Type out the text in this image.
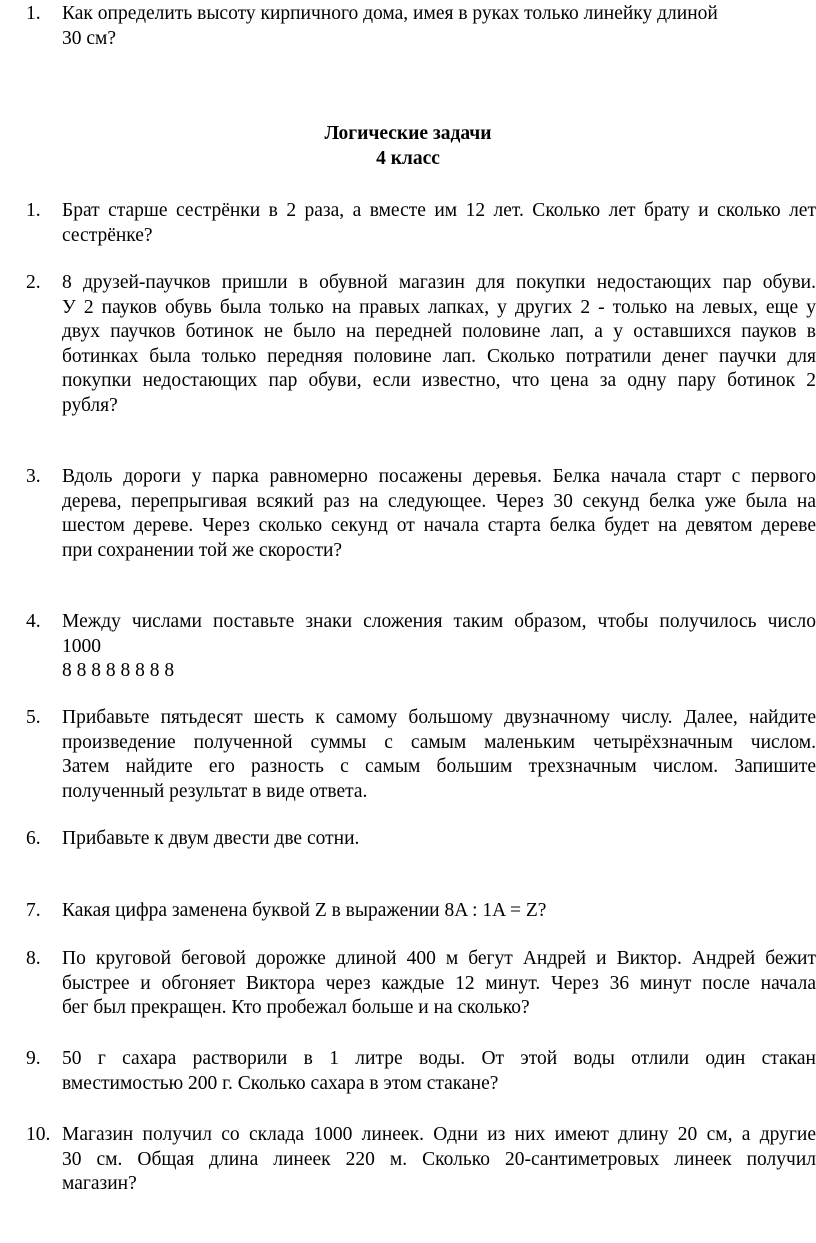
1.	Как определить высоту кирпичного дома, имея в руках только линейку длиной
30 см?
Логические задачи
4 класс
1.	Брат старше сестрёнки в 2 раза, а вместе им 12 лет. Сколько лет брату и сколько лет
сестрёнке?
2.	8 друзей-паучков пришли в обувной магазин для покупки недостающих пар обуви.
У 2 пауков обувь была только на правых лапках, у других 2 - только на левых, еще у
двух паучков ботинок не было на передней половине лап, а у оставшихся пауков в
ботинках была только передняя половине лап. Сколько потратили денег паучки для
покупки недостающих пар обуви, если известно, что цена за одну пару ботинок 2
рубля?
3.	Вдоль дороги у парка равномерно посажены деревья. Белка начала старт с первого
дерева, перепрыгивая всякий раз на следующее. Через 30 секунд белка уже была на
шестом дереве. Через сколько секунд от начала старта белка будет на девятом дереве
при сохранении той же скорости?
4.	Между числами поставьте знаки сложения таким образом, чтобы получилось число
1000
8 8 8 8 8 8 8 8
5.	Прибавьте пятьдесят шесть к самому большому двузначному числу. Далее, найдите
произведение полученной суммы с самым маленьким четырёхзначным числом.
Затем найдите его разность с самым большим трехзначным числом. Запишите
полученный результат в виде ответа.
6.	Прибавьте к двум двести две сотни.
7.	Какая цифра заменена буквой Z в выражении 8A : 1A = Z?
8.	По круговой беговой дорожке длиной 400 м бегут Андрей и Виктор. Андрей бежит
быстрее и обгоняет Виктора через каждые 12 минут. Через 36 минут после начала
бег был прекращен. Кто пробежал больше и на сколько?
9.	50 г сахара растворили в 1 литре воды. От этой воды отлили один стакан
вместимостью 200 г. Сколько сахара в этом стакане?
10. Магазин получил со склада 1000 линеек. Одни из них имеют длину 20 см, а другие
30 см. Общая длина линеек 220 м. Сколько 20-сантиметровых линеек получил
магазин?
